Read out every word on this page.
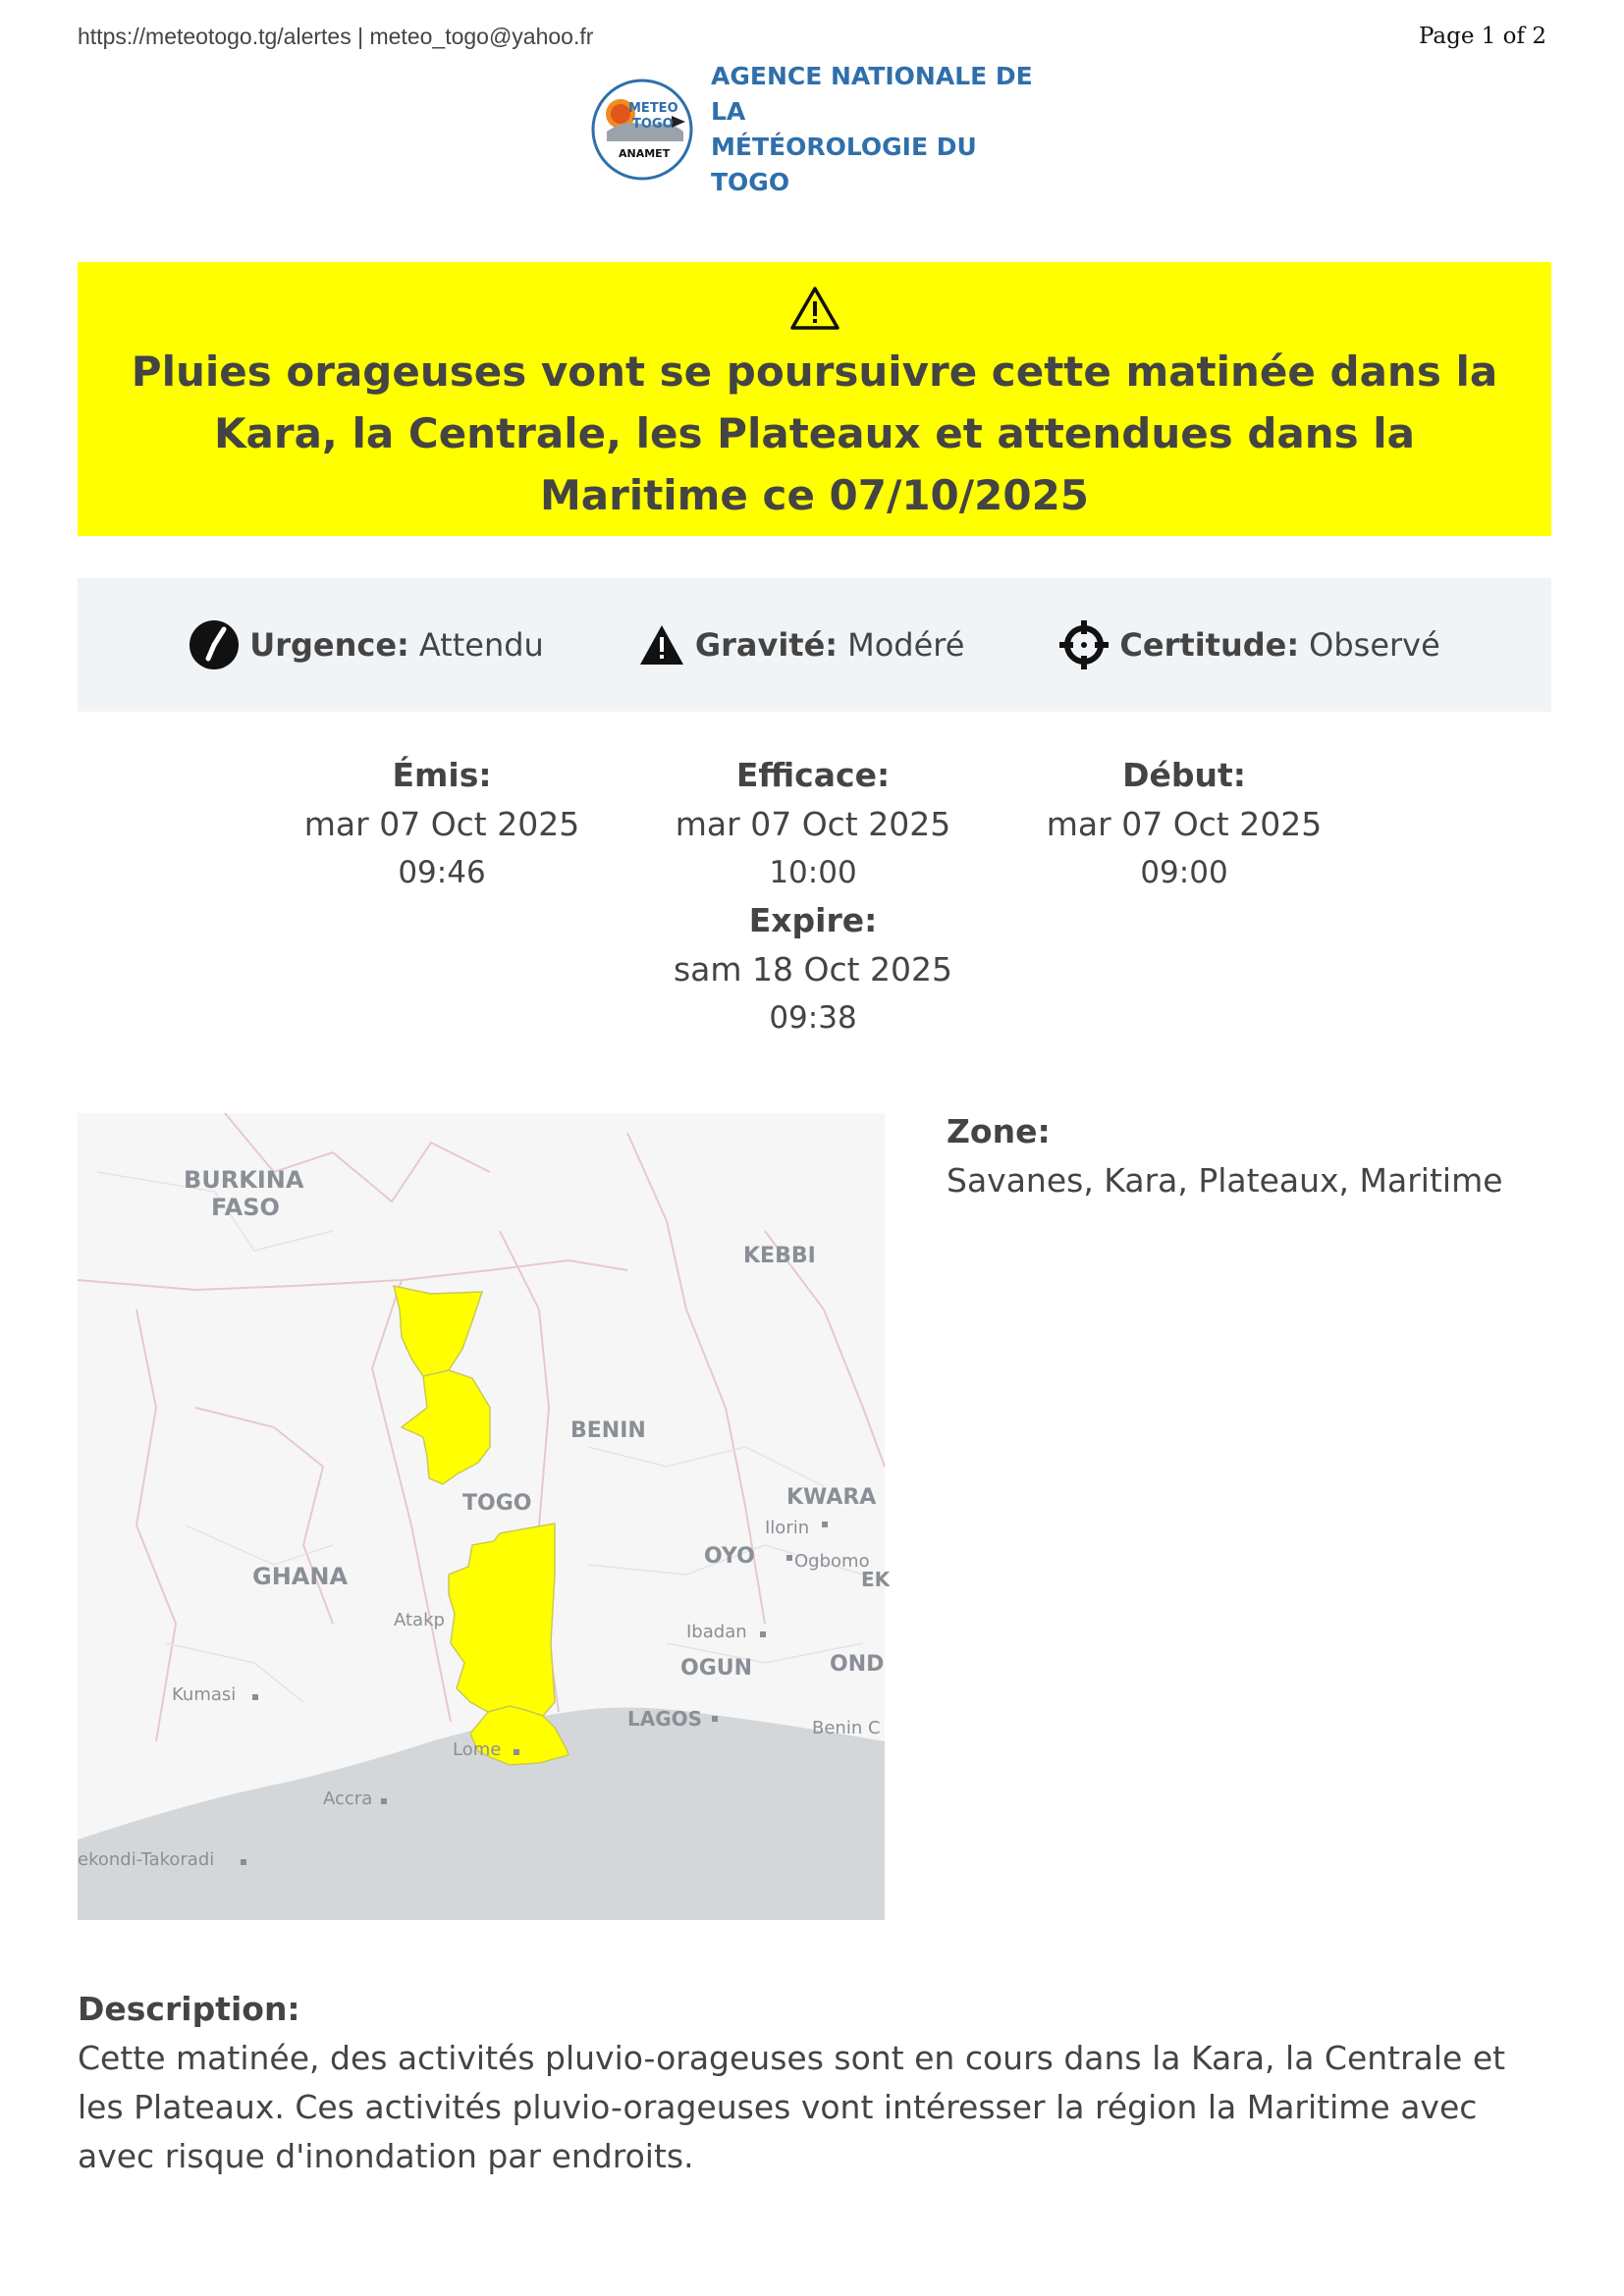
https://meteotogo.tg/alertes | meteo_togo@yahoo.fr	Page 1 of 2
METEO
TOGO
ANAMET
AGENCE NATIONALE DE LA
MÉTÉOROLOGIE DU TOGO
Pluies orageuses vont se poursuivre cette matinée dans la Kara, la Centrale, les Plateaux et attendues dans la Maritime ce 07/10/2025
Urgence: Attendu	Gravité: Modéré	Certitude: Observé
Émis:
mar 07 Oct 2025
09:46
Efficace:
mar 07 Oct 2025
10:00
Début:
mar 07 Oct 2025
09:00
Expire:
sam 18 Oct 2025
09:38
BURKINA
FASO
KEBBI
BENIN
TOGO	KWARA
OYO
GHANA
OGUN	OND
LAGOS
EK
Ilorin
Ogbomo
Atakp
Ibadan
Kumasi
Benin C
Lome
Accra
ekondi-Takoradi
Zone:
Savanes, Kara, Plateaux, Maritime
Description:
Cette matinée, des activités pluvio-orageuses sont en cours dans la Kara, la Centrale et les Plateaux. Ces activités pluvio-orageuses vont intéresser la région la Maritime avec avec risque d'inondation par endroits.
